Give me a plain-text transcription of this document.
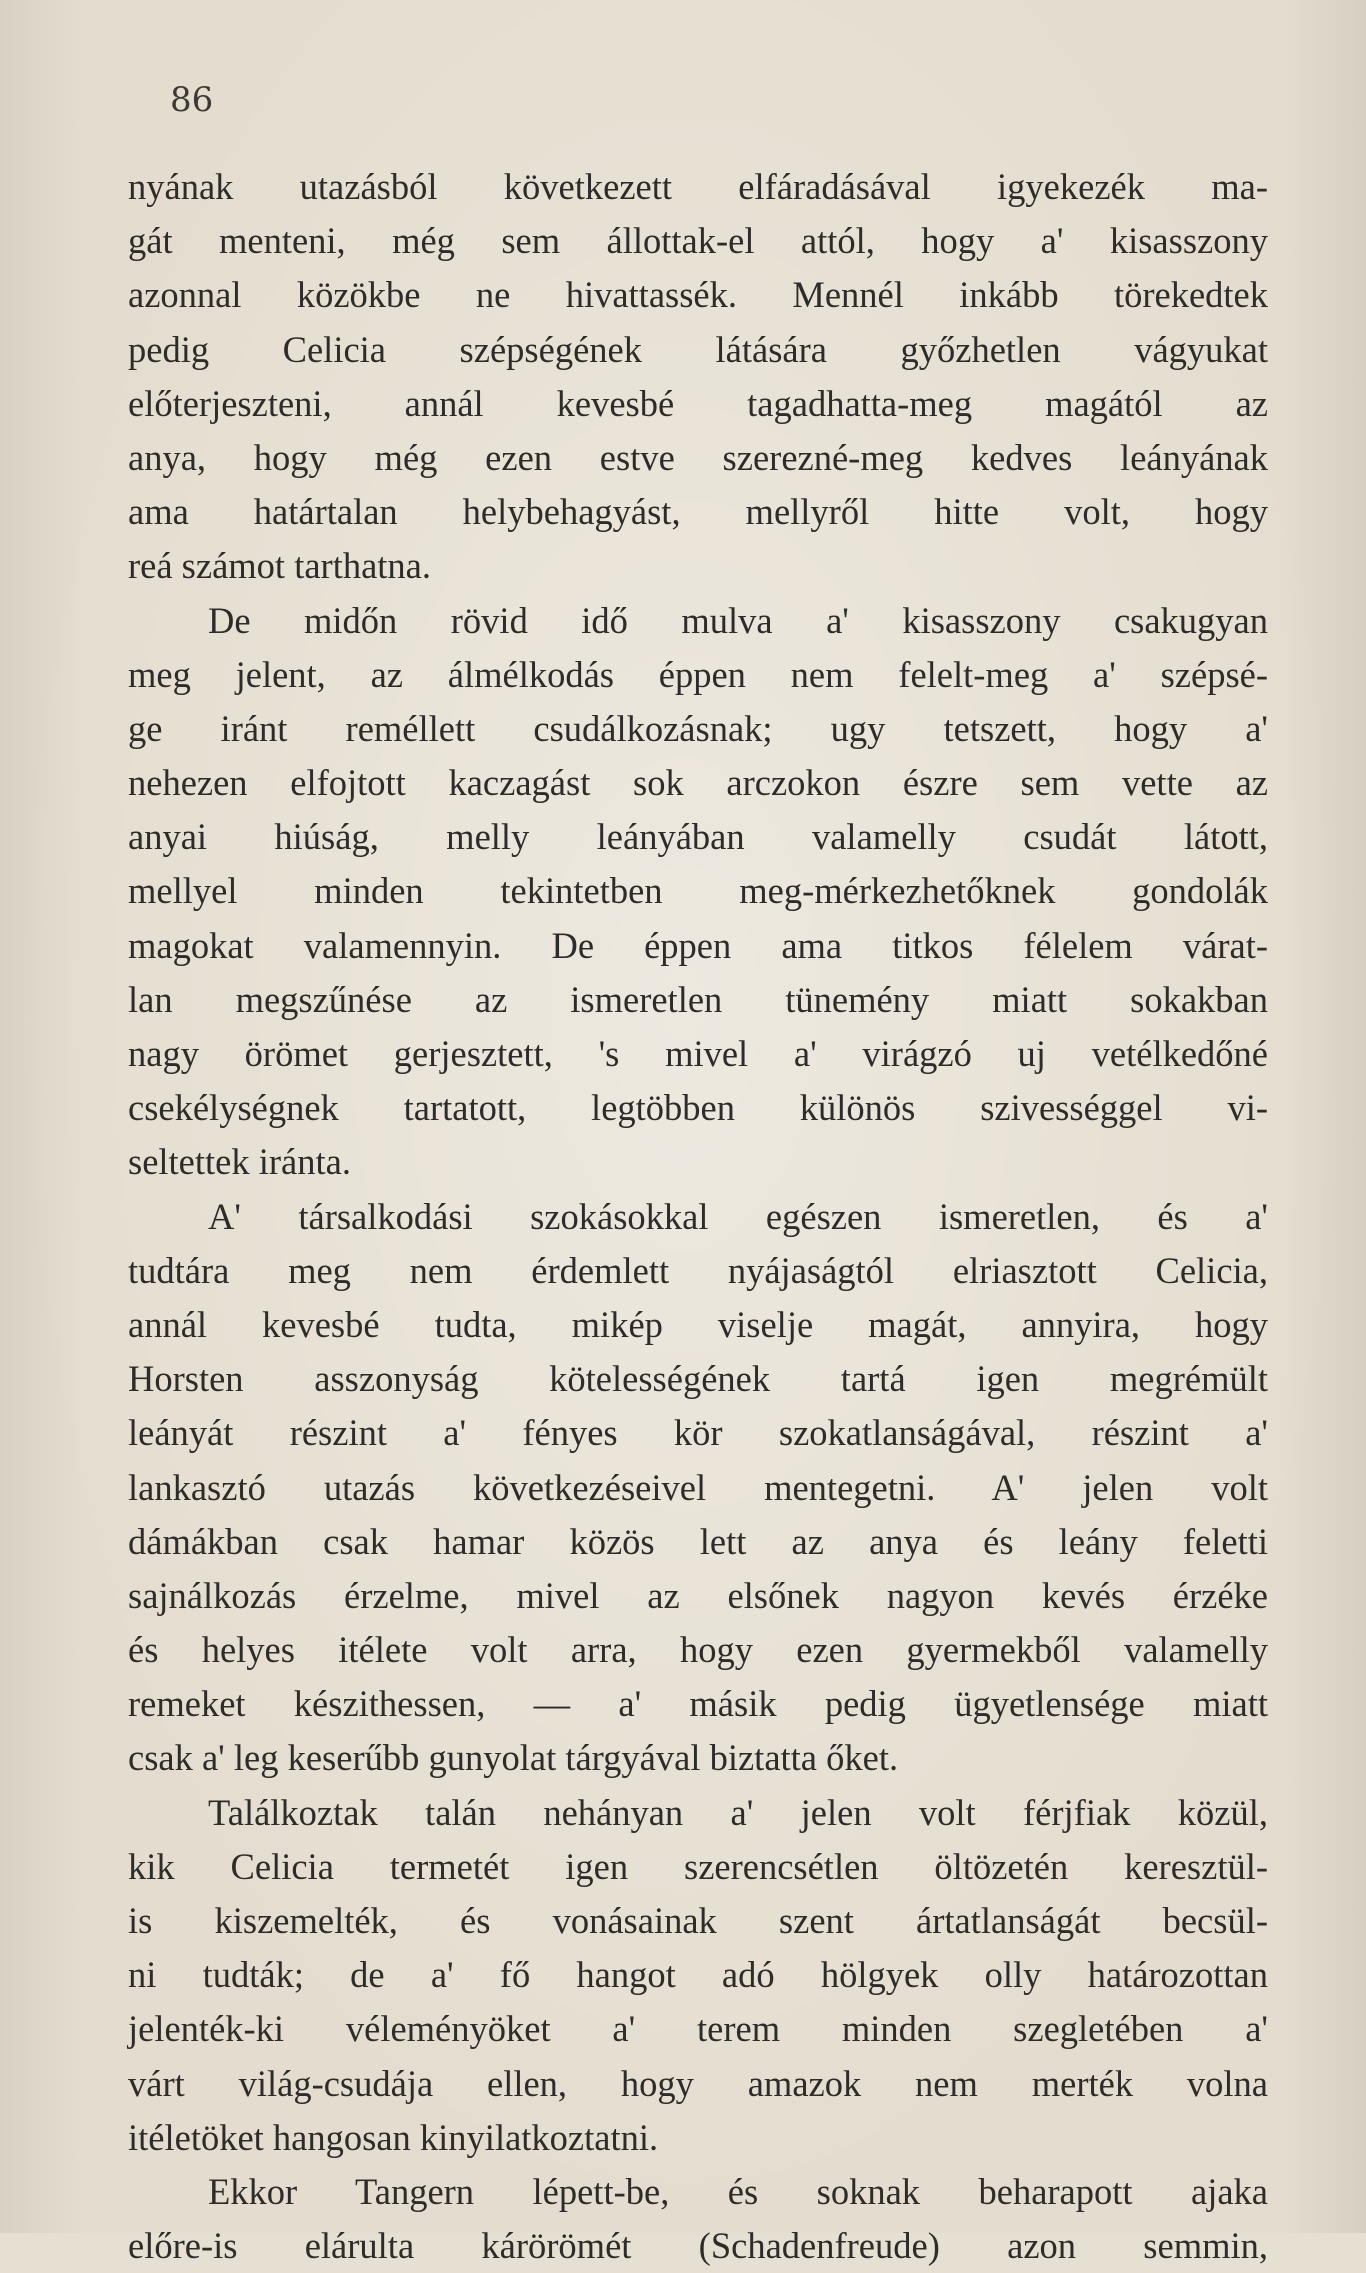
86
nyának utazásból következett elfáradásával igyekezék ma-
gát menteni, még sem állottak-el attól, hogy a' kisasszony
azonnal közökbe ne hivattassék. Mennél inkább törekedtek
pedig Celicia szépségének látására győzhetlen vágyukat
előterjeszteni, annál kevesbé tagadhatta-meg magától az
anya, hogy még ezen estve szerezné-meg kedves leányának
ama határtalan helybehagyást, mellyről hitte volt, hogy
reá számot tarthatna.
De midőn rövid idő mulva a' kisasszony csakugyan
meg jelent, az álmélkodás éppen nem felelt-meg a' szépsé-
ge iránt reméllett csudálkozásnak; ugy tetszett, hogy a'
nehezen elfojtott kaczagást sok arczokon észre sem vette az
anyai hiúság, melly leányában valamelly csudát látott,
mellyel minden tekintetben meg-mérkezhetőknek gondolák
magokat valamennyin. De éppen ama titkos félelem várat-
lan megszűnése az ismeretlen tünemény miatt sokakban
nagy örömet gerjesztett, 's mivel a' virágzó uj vetélkedőné
csekélységnek tartatott, legtöbben különös szivességgel vi-
seltettek iránta.
A' társalkodási szokásokkal egészen ismeretlen, és a'
tudtára meg nem érdemlett nyájaságtól elriasztott Celicia,
annál kevesbé tudta, mikép viselje magát, annyira, hogy
Horsten asszonyság kötelességének tartá igen megrémült
leányát részint a' fényes kör szokatlanságával, részint a'
lankasztó utazás következéseivel mentegetni. A' jelen volt
dámákban csak hamar közös lett az anya és leány feletti
sajnálkozás érzelme, mivel az elsőnek nagyon kevés érzéke
és helyes itélete volt arra, hogy ezen gyermekből valamelly
remeket készithessen, — a' másik pedig ügyetlensége miatt
csak a' leg keserűbb gunyolat tárgyával biztatta őket.
Találkoztak talán nehányan a' jelen volt férjfiak közül,
kik Celicia termetét igen szerencsétlen öltözetén keresztül-
is kiszemelték, és vonásainak szent ártatlanságát becsül-
ni tudták; de a' fő hangot adó hölgyek olly határozottan
jelenték-ki véleményöket a' terem minden szegletében a'
várt világ-csudája ellen, hogy amazok nem merték volna
itéletöket hangosan kinyilatkoztatni.
Ekkor Tangern lépett-be, és soknak beharapott ajaka
előre-is elárulta kárörömét (Schadenfreude) azon semmin,
